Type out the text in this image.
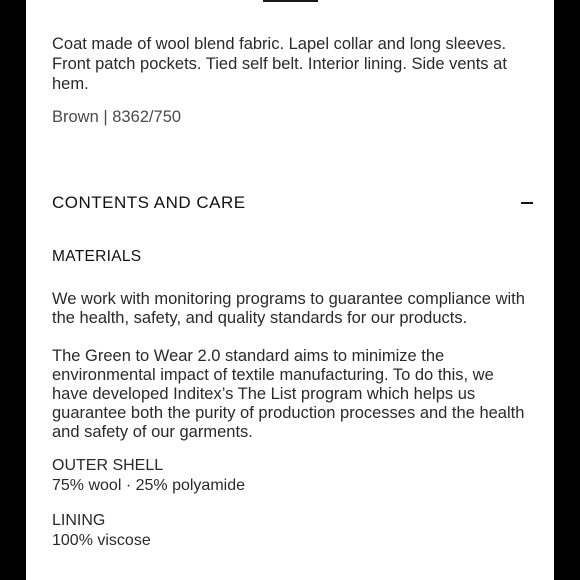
Coat made of wool blend fabric. Lapel collar and long sleeves. Front patch pockets. Tied self belt. Interior lining. Side vents at hem.

Brown | 8362/750

CONTENTS AND CARE
MATERIALS

We work with monitoring programs to guarantee compliance with the health, safety, and quality standards for our products.

The Green to Wear 2.0 standard aims to minimize the environmental impact of textile manufacturing. To do this, we have developed Inditex’s The List program which helps us guarantee both the purity of production processes and the health and safety of our garments.

OUTER SHELL
75% wool · 25% polyamide
LINING
100% viscose
